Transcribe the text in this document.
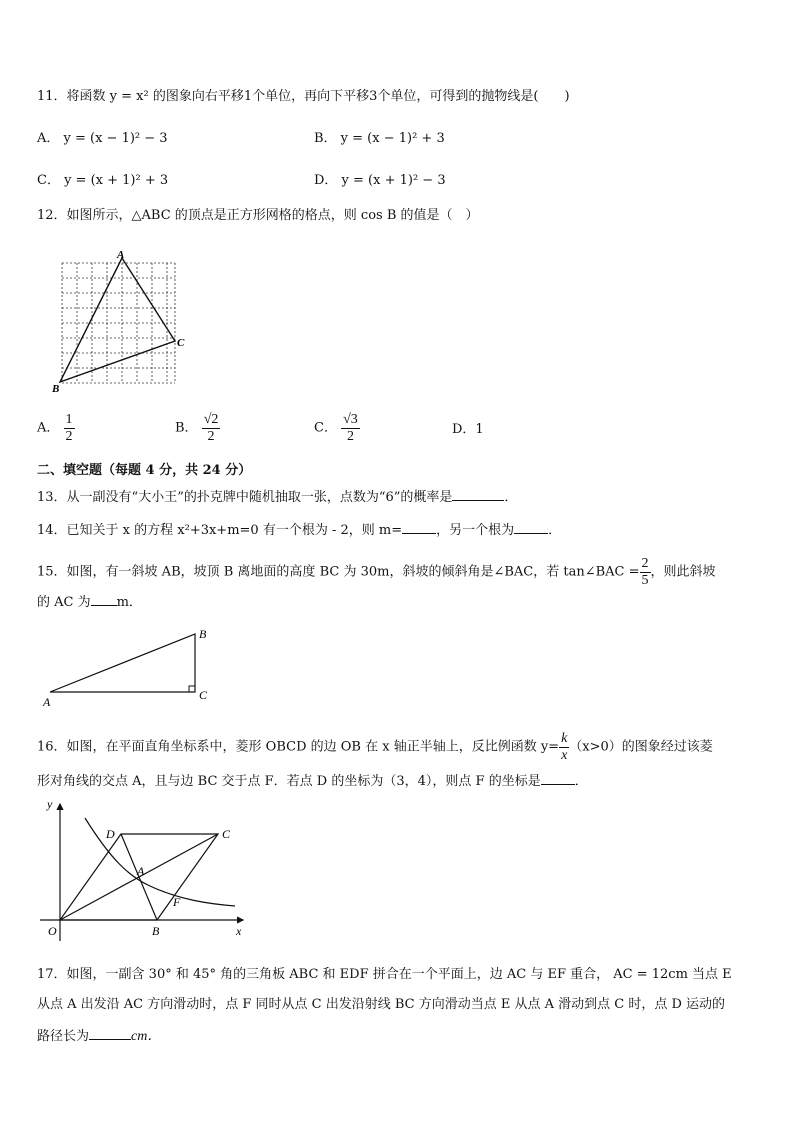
11．将函数 y = x² 的图象向右平移1个单位，再向下平移3个单位，可得到的抛物线是(　　)
A． y = (x − 1)² − 3	B． y = (x − 1)² + 3
C． y = (x + 1)² + 3	D． y = (x + 1)² − 3
12．如图所示，△ABC 的顶点是正方形网格的格点，则 cos B 的值是（　）
A
B
C
A． $\frac{1}{2}$	B． $\frac{√2}{2}$	C． $\frac{√3}{2}$	D．1
二、填空题（每题 4 分，共 24 分）
13．从一副没有“大小王”的扑克牌中随机抽取一张，点数为“6”的概率是	．
14．已知关于 x 的方程 x²+3x+m=0 有一个根为 - 2，则 m=	，另一个根为	．
15．如图，有一斜坡 AB，坡顶 B 离地面的高度 BC 为 30m，斜坡的倾斜角是∠BAC，若 tan∠BAC = $\frac{2}{5}$ ，则此斜坡
的 AC 为 m．
A
B
C
16．如图，在平面直角坐标系中，菱形 OBCD 的边 OB 在 x 轴正半轴上，反比例函数 $y= \frac{k}{x} (x>0)$的图象经过该菱
形对角线的交点 A，且与边 BC 交于点 F．若点 D 的坐标为（3，4），则点 F 的坐标是	．
y
x
O	B
C
D
A
F
17．如图，一副含 30° 和 45° 角的三角板 ABC 和 EDF 拼合在一个平面上，边 AC 与 EF 重合， AC = 12cm 当点 E
从点 A 出发沿 AC 方向滑动时，点 F 同时从点 C 出发沿射线 BC 方向滑动当点 E 从点 A 滑动到点 C 时，点 D 运动的
路径长为	cm．
